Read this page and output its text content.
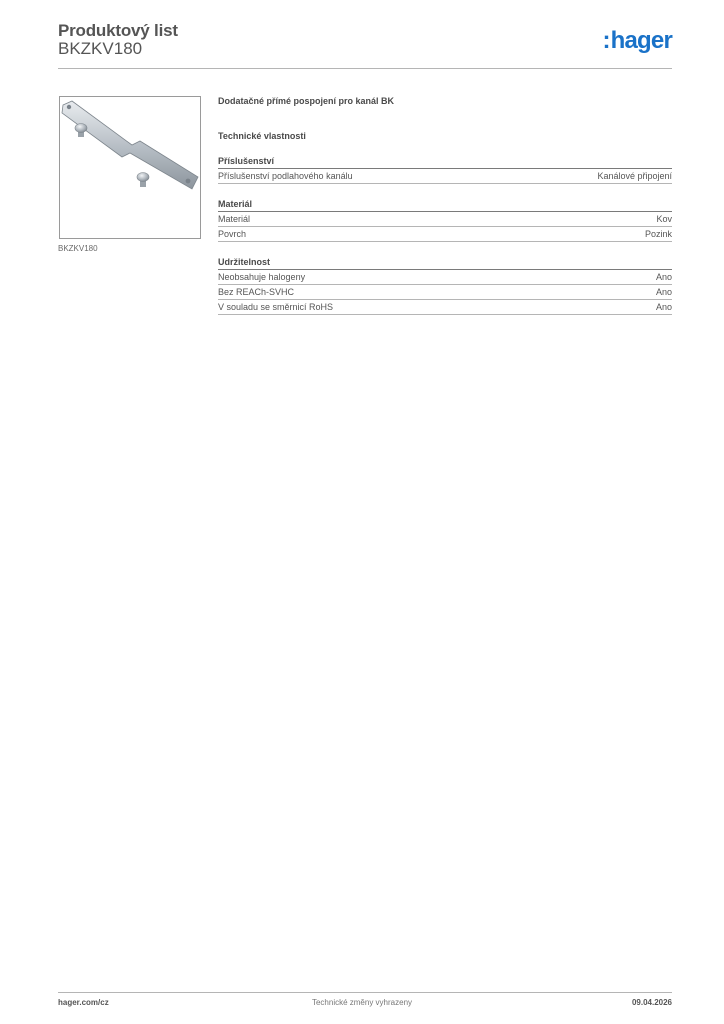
Produktový list
BKZKV180	:hager
BKZKV180
Dodatačné přímé pospojení pro kanál BK
Technické vlastnosti
Příslušenství
Příslušenství podlahového kanálu	Kanálové připojení
Materiál
Materiál	Kov
Povrch	Pozink
Udržitelnost
Neobsahuje halogeny	Ano
Bez REACh-SVHC	Ano
V souladu se směrnicí RoHS	Ano
hager.com/cz	Technické změny vyhrazeny	09.04.2026
